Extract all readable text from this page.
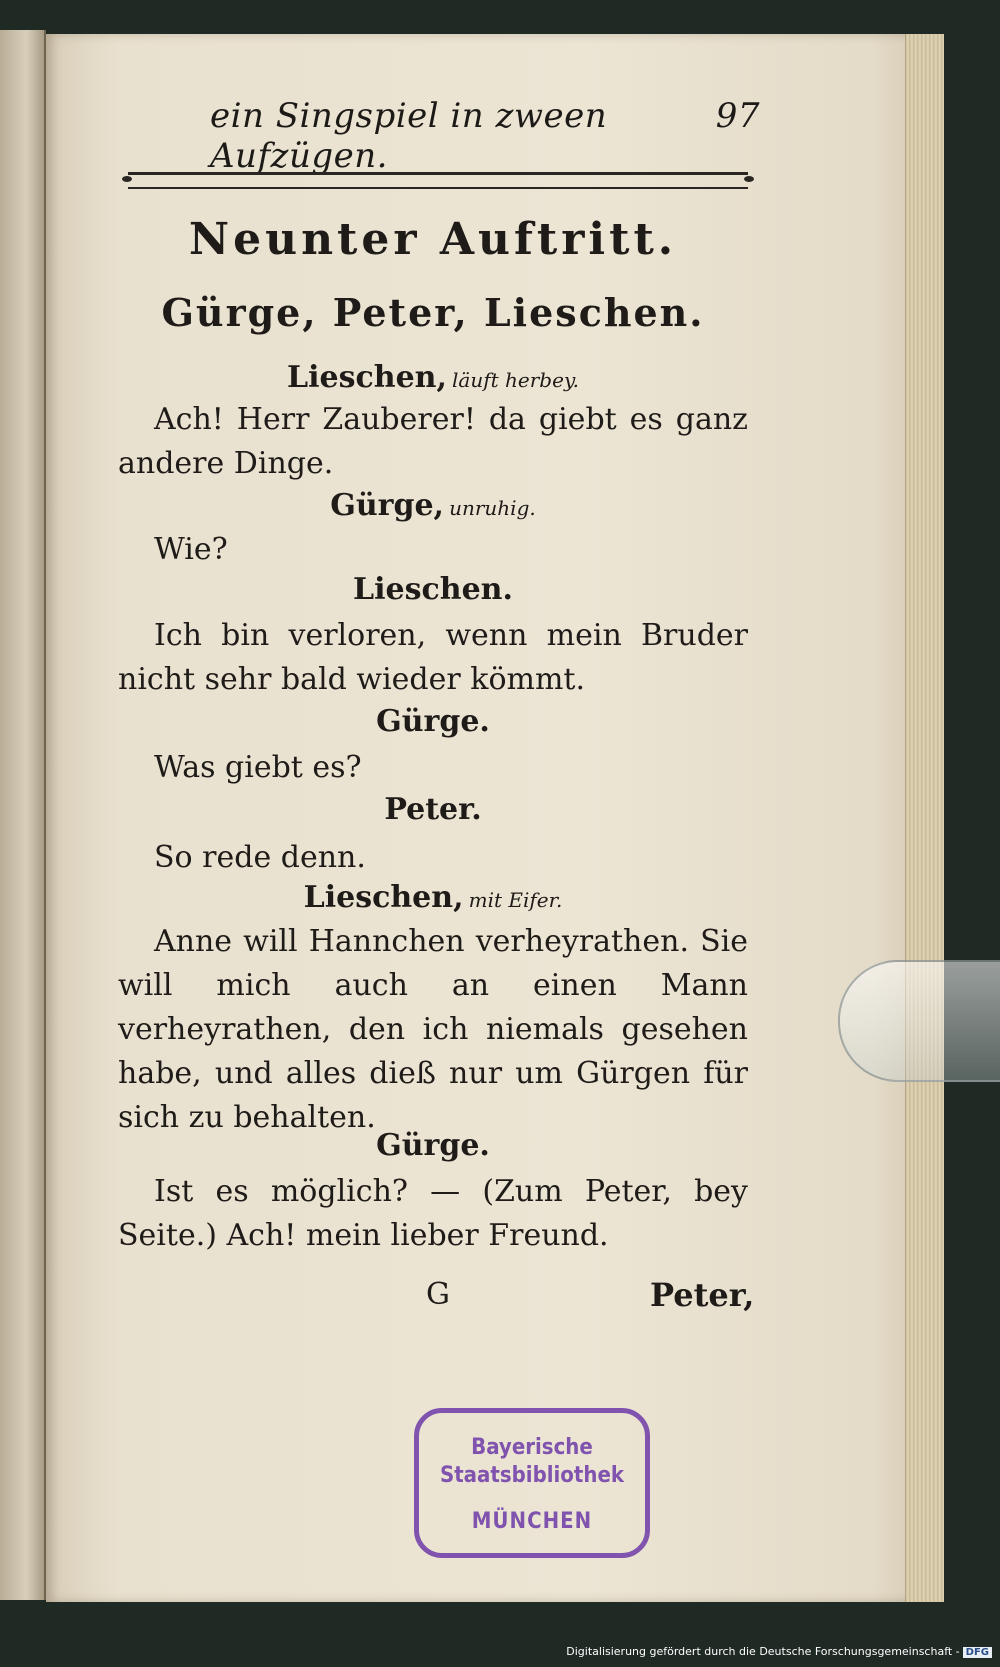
ein Singspiel in zween Aufzügen.
97
Neunter Auftritt.
Gürge, Peter, Lieschen.
Lieschen, läuft herbey.
Ach! Herr Zauberer! da giebt es ganz andere Dinge.
Gürge, unruhig.
Wie?
Lieschen.
Ich bin verloren, wenn mein Bruder nicht sehr bald wieder kömmt.
Gürge.
Was giebt es?
Peter.
So rede denn.
Lieschen, mit Eifer.
Anne will Hannchen verheyrathen. Sie will mich auch an einen Mann verheyrathen, den ich niemals gesehen habe, und alles dieß nur um Gürgen für sich zu behalten.
Gürge.
Ist es möglich? — (Zum Peter, bey Seite.) Ach! mein lieber Freund.
G	Peter,
Bayerische
Staatsbibliothek
MÜNCHEN
Digitalisierung gefördert durch die Deutsche Forschungsgemeinschaft - DFG
